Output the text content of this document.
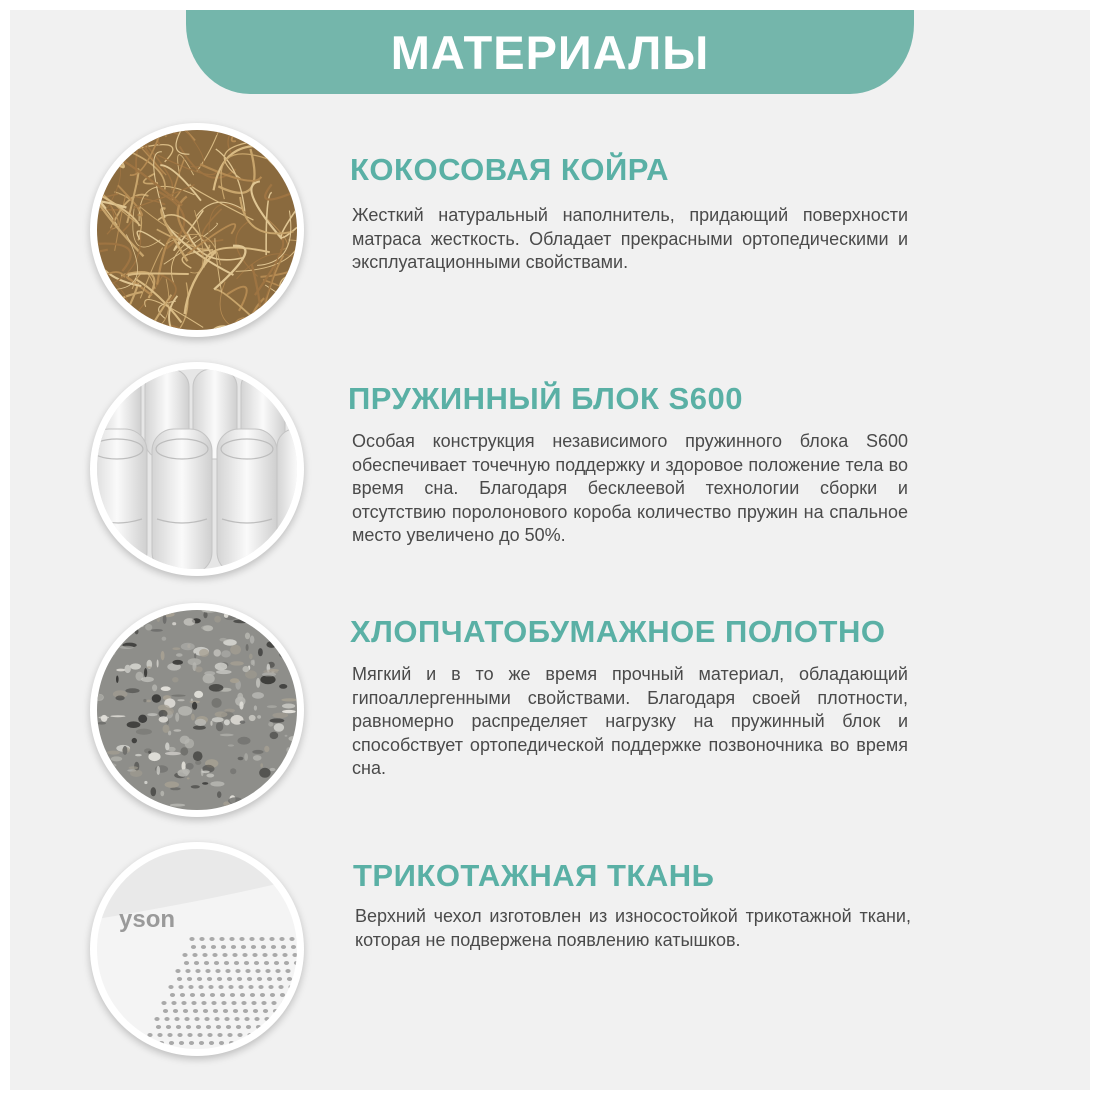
МАТЕРИАЛЫ
КОКОСОВАЯ КОЙРА
Жесткий натуральный наполнитель, придающий поверхности матраса жесткость. Обладает прекрасными ортопедическими и эксплуатационными свойствами.
ПРУЖИННЫЙ БЛОК S600
Особая конструкция независимого пружинного блока S600 обеспечивает точечную поддержку и здоровое положение тела во время сна. Благодаря бесклеевой технологии сборки и отсутствию поролонового короба количество пружин на спальное место увеличено до 50%.
ХЛОПЧАТОБУМАЖНОЕ ПОЛОТНО
Мягкий и в то же время прочный материал, обладающий гипоаллергенными свойствами. Благодаря своей плотности, равномерно распределяет нагрузку на пружинный блок и способствует ортопедической поддержке позвоночника во время сна.
yson
ТРИКОТАЖНАЯ ТКАНЬ
Верхний чехол изготовлен из износостойкой трикотажной ткани, которая не подвержена появлению катышков.
